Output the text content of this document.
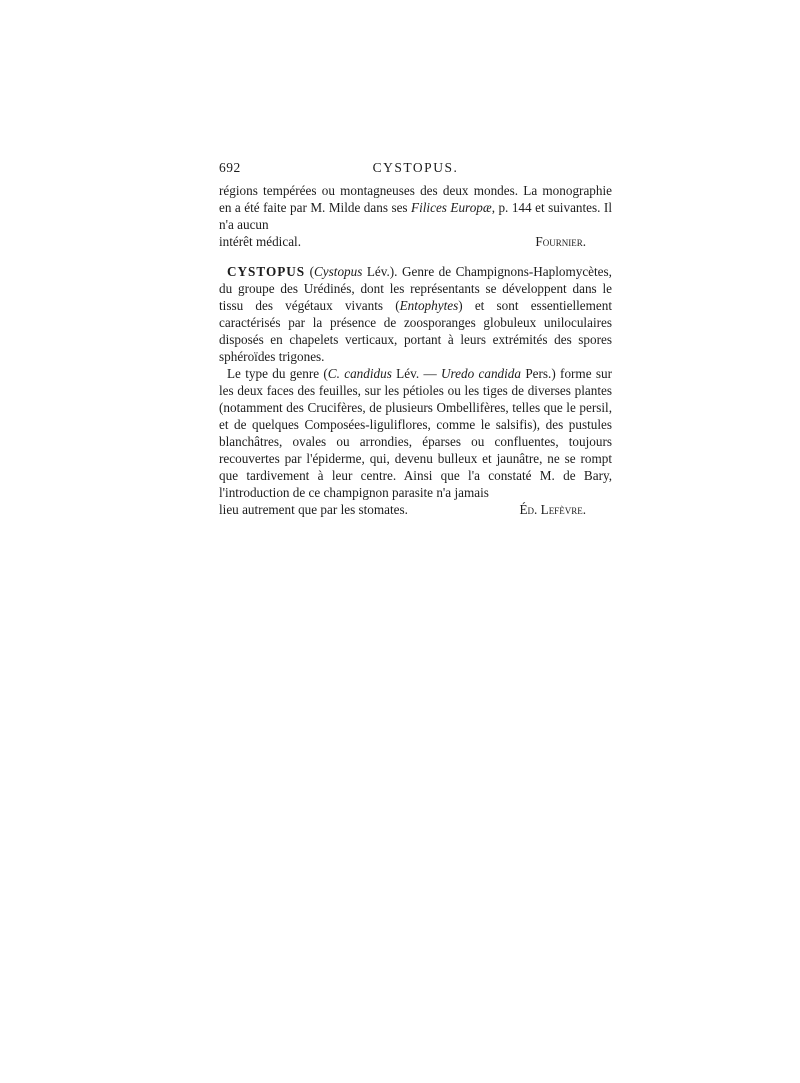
692	CYSTOPUS.

régions tempérées ou montagneuses des deux mondes. La monographie en a été faite par M. Milde dans ses Filices Europæ, p. 144 et suivantes. Il n'a aucun

intérêt médical.	Fournier.

CYSTOPUS (Cystopus Lév.). Genre de Champignons-Haplomycètes, du groupe des Urédinés, dont les représentants se développent dans le tissu des végétaux vivants (Entophytes) et sont essentiellement caractérisés par la présence de zoosporanges globuleux uniloculaires disposés en chapelets verticaux, portant à leurs extrémités des spores sphéroïdes trigones.

Le type du genre (C. candidus Lév. — Uredo candida Pers.) forme sur les deux faces des feuilles, sur les pétioles ou les tiges de diverses plantes (notamment des Crucifères, de plusieurs Ombellifères, telles que le persil, et de quelques Composées-liguliflores, comme le salsifis), des pustules blanchâtres, ovales ou arrondies, éparses ou confluentes, toujours recouvertes par l'épiderme, qui, devenu bulleux et jaunâtre, ne se rompt que tardivement à leur centre. Ainsi que l'a constaté M. de Bary, l'introduction de ce champignon parasite n'a jamais

lieu autrement que par les stomates.	Éd. Lefèvre.
